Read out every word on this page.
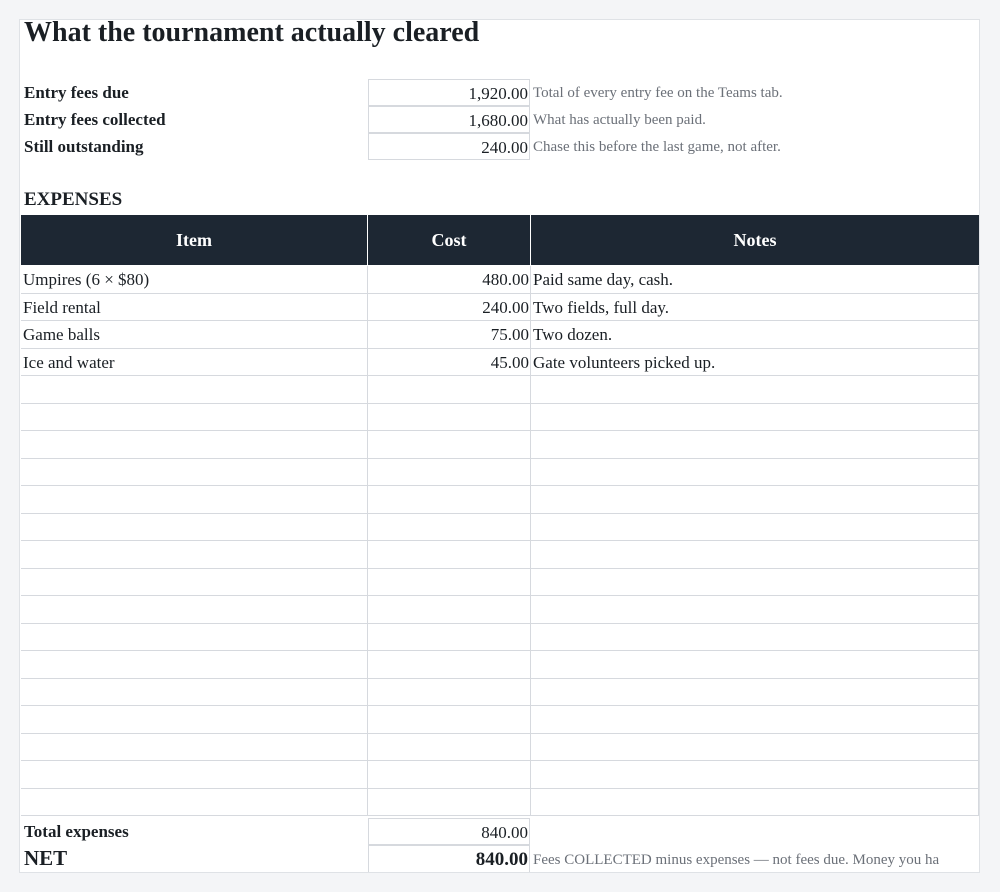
What the tournament actually cleared
Entry fees due	1,920.00 Total of every entry fee on the Teams tab.
Entry fees collected	1,680.00 What has actually been paid.
Still outstanding	240.00 Chase this before the last game, not after.
EXPENSES
Item	Cost	Notes
Umpires (6 × $80)	480.00 Paid same day, cash.
Field rental	240.00 Two fields, full day.
Game balls	75.00 Two dozen.
Ice and water	45.00 Gate volunteers picked up.
Total expenses	840.00
NET	840.00 Fees COLLECTED minus expenses — not fees due. Money you ha
